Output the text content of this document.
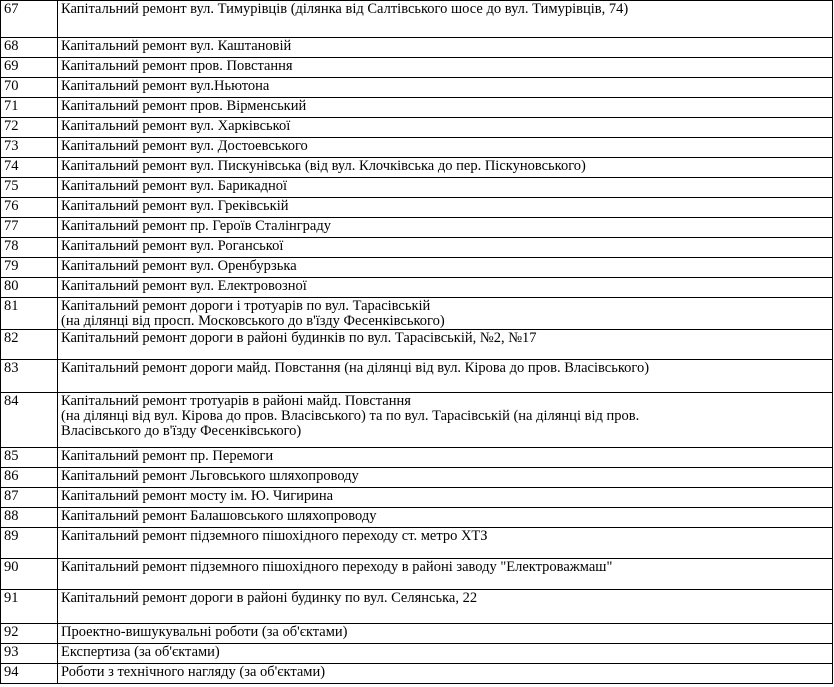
67	Капітальний ремонт вул. Тимурівців (ділянка від Салтівського шосе до вул. Тимурівців, 74)
68	Капітальний ремонт вул. Каштановій
69	Капітальний ремонт пров. Повстання
70	Капітальний ремонт вул.Ньютона
71	Капітальний ремонт пров. Вірменський
72	Капітальний ремонт вул. Харківської
73	Капітальний ремонт вул. Достоевського
74	Капітальний ремонт вул. Пискунівська (від вул. Клочківська до пер. Піскуновського)
75	Капітальний ремонт вул. Барикадної
76	Капітальний ремонт вул. Греківській
77	Капітальний ремонт пр. Героїв Сталінграду
78	Капітальний ремонт вул. Роганської
79	Капітальний ремонт вул. Оренбурзька
80	Капітальний ремонт вул. Електровозної
81	Капітальний ремонт дороги і тротуарів по вул. Тарасівській
(на ділянці від просп. Московського до в'їзду Фесенківського)
82	Капітальний ремонт дороги в районі будинків по вул. Тарасівській, №2, №17
83	Капітальний ремонт дороги майд. Повстання (на ділянці від вул. Кірова до пров. Власівського)
84	Капітальний ремонт тротуарів в районі майд. Повстання
(на ділянці від вул. Кірова до пров. Власівського) та по вул. Тарасівській (на ділянці від пров.
Власівського до в'їзду Фесенківського)
85	Капітальний ремонт пр. Перемоги
86	Капітальний ремонт Льговського шляхопроводу
87	Капітальний ремонт мосту ім. Ю. Чигирина
88	Капітальний ремонт Балашовського шляхопроводу
89	Капітальний ремонт підземного пішохідного переходу ст. метро ХТЗ
90	Капітальний ремонт підземного пішохідного переходу в районі заводу "Електроважмаш"
91	Капітальний ремонт дороги в районі будинку по вул. Селянська, 22
92	Проектно-вишукувальні роботи (за об'єктами)
93	Експертиза (за об'єктами)
94	Роботи з технічного нагляду (за об'єктами)
